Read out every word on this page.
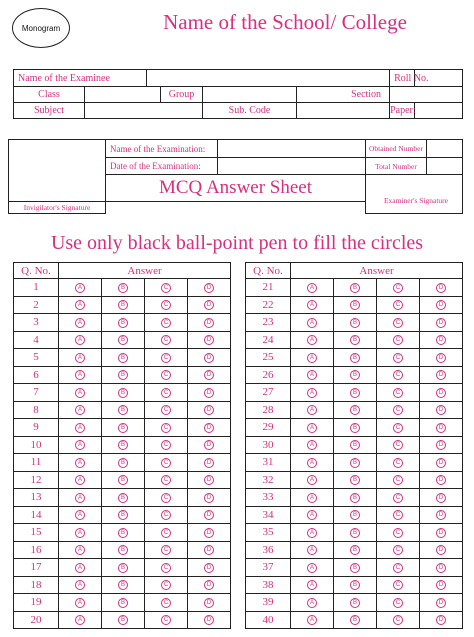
Monogram	Name of the School/ College
Name of the Examinee						Roll No.	
Class			Group		Section		
Subject				Sub. Code		Paper:	
	Name of the Examination:		Obtained Number	
	Date of the Examination:		Total Number	
	MCQ Answer Sheet			
Invigilator's Signature				
Examiner's Signature
Use only black ball-point pen to fill the circles
Q. No.	Answer			
1	A	B	C	D
2	A	B	C	D
3	A	B	C	D
4	A	B	C	D
5	A	B	C	D
6	A	B	C	D
7	A	B	C	D
8	A	B	C	D
9	A	B	C	D
10	A	B	C	D
11	A	B	C	D
12	A	B	C	D
13	A	B	C	D
14	A	B	C	D
15	A	B	C	D
16	A	B	C	D
17	A	B	C	D
18	A	B	C	D
19	A	B	C	D
20	A	B	C	D
Q. No.	Answer			
21	A	B	C	D
22	A	B	C	D
23	A	B	C	D
24	A	B	C	D
25	A	B	C	D
26	A	B	C	D
27	A	B	C	D
28	A	B	C	D
29	A	B	C	D
30	A	B	C	D
31	A	B	C	D
32	A	B	C	D
33	A	B	C	D
34	A	B	C	D
35	A	B	C	D
36	A	B	C	D
37	A	B	C	D
38	A	B	C	D
39	A	B	C	D
40	A	B	C	D
